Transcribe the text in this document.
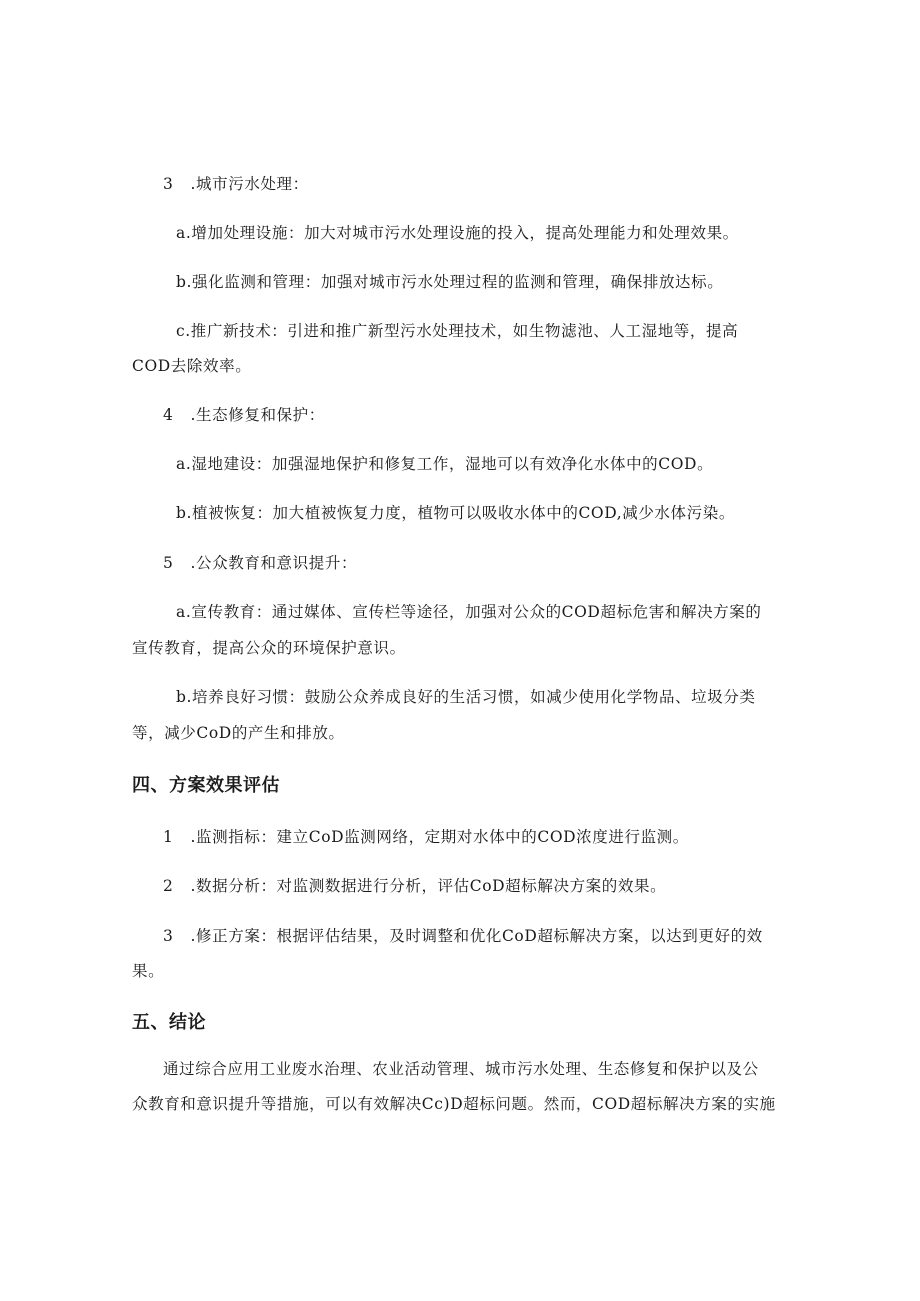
3 .城市污水处理：
a.增加处理设施：加大对城市污水处理设施的投入，提高处理能力和处理效果。
b.强化监测和管理：加强对城市污水处理过程的监测和管理，确保排放达标。
c.推广新技术：引进和推广新型污水处理技术，如生物滤池、人工湿地等，提高
COD去除效率。
4 .生态修复和保护：
a.湿地建设：加强湿地保护和修复工作，湿地可以有效净化水体中的COD。
b.植被恢复：加大植被恢复力度，植物可以吸收水体中的COD,减少水体污染。
5 .公众教育和意识提升：
a.宣传教育：通过媒体、宣传栏等途径，加强对公众的COD超标危害和解决方案的
宣传教育，提高公众的环境保护意识。
b.培养良好习惯：鼓励公众养成良好的生活习惯，如减少使用化学物品、垃圾分类
等，减少CoD的产生和排放。
四、方案效果评估
1 .监测指标：建立CoD监测网络，定期对水体中的COD浓度进行监测。
2 .数据分析：对监测数据进行分析，评估CoD超标解决方案的效果。
3 .修正方案：根据评估结果，及时调整和优化CoD超标解决方案，以达到更好的效
果。
五、结论
通过综合应用工业废水治理、农业活动管理、城市污水处理、生态修复和保护以及公
众教育和意识提升等措施，可以有效解决Cc)D超标问题。然而，COD超标解决方案的实施
